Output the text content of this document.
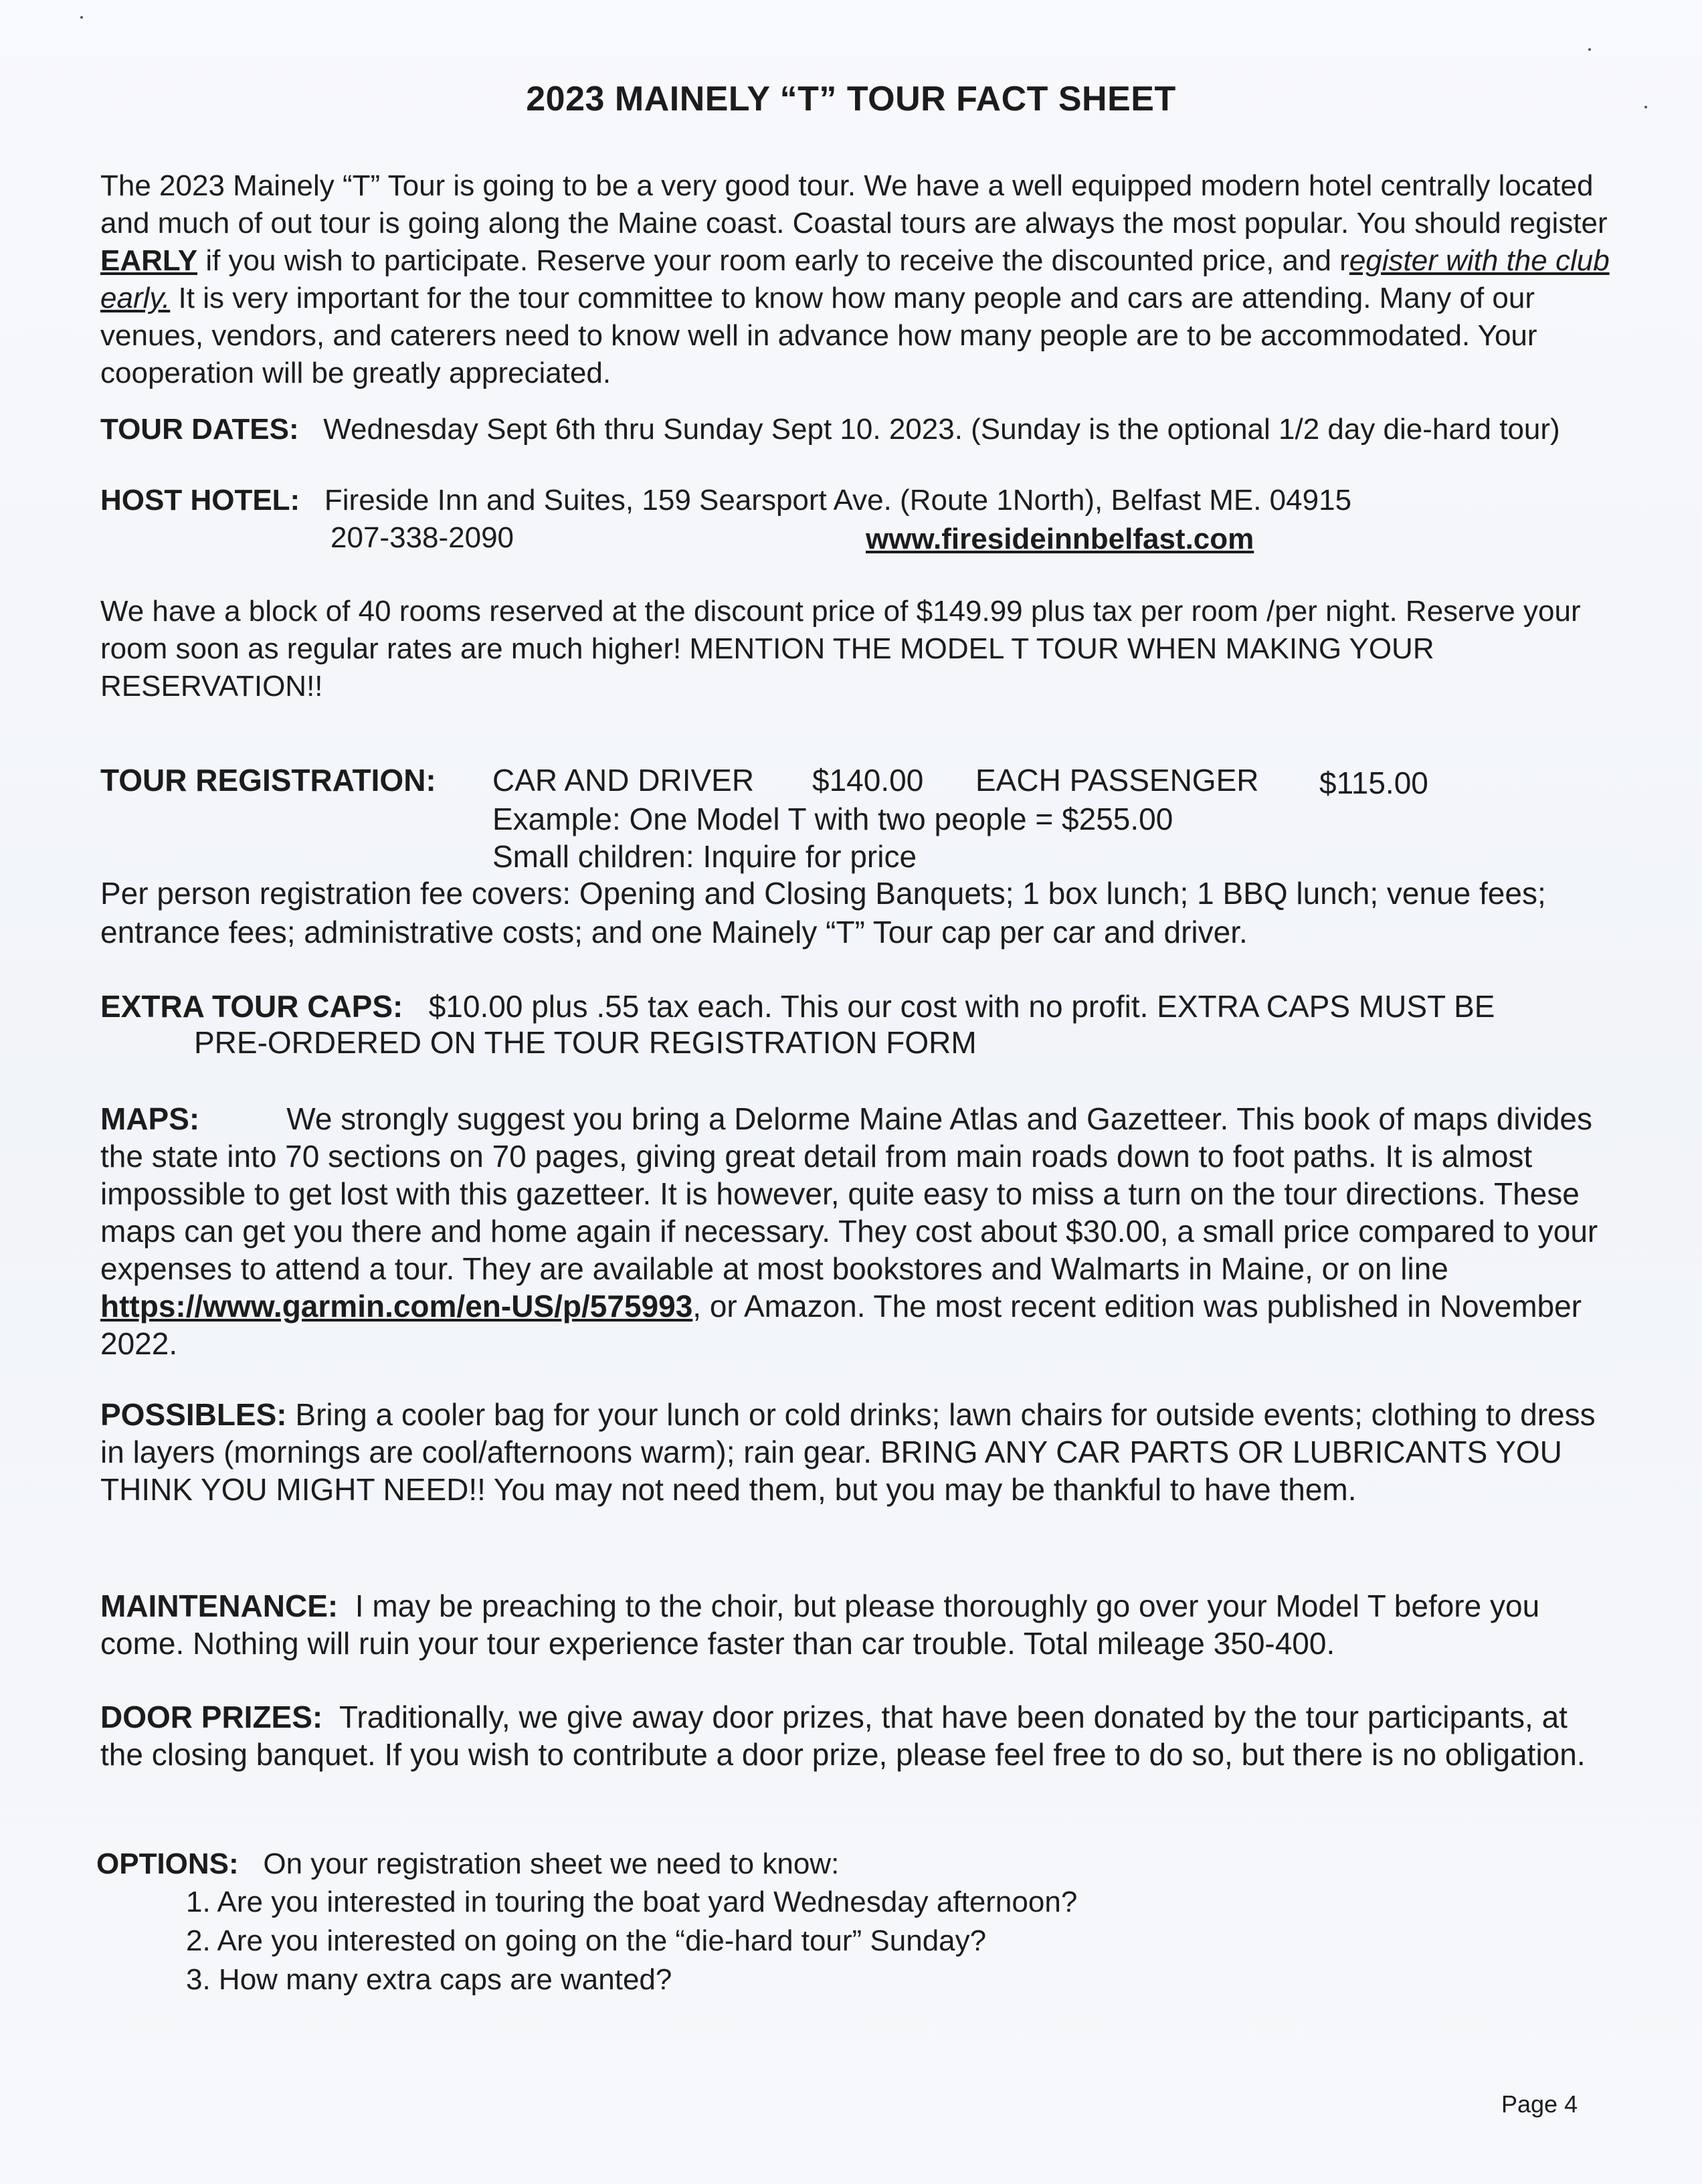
2023 MAINELY “T” TOUR FACT SHEET
The 2023 Mainely “T” Tour is going to be a very good tour. We have a well equipped modern hotel centrally located and much of out tour is going along the Maine coast. Coastal tours are always the most popular. You should register EARLY if you wish to participate. Reserve your room early to receive the discounted price, and register with the club early. It is very important for the tour committee to know how many people and cars are attending. Many of our venues, vendors, and caterers need to know well in advance how many people are to be accommodated. Your cooperation will be greatly appreciated.
TOUR DATES: Wednesday Sept 6th thru Sunday Sept 10. 2023. (Sunday is the optional 1/2 day die-hard tour)
HOST HOTEL: Fireside Inn and Suites, 159 Searsport Ave. (Route 1North), Belfast ME. 04915
207-338-2090	www.firesideinnbelfast.com
We have a block of 40 rooms reserved at the discount price of $149.99 plus tax per room /per night. Reserve your room soon as regular rates are much higher! MENTION THE MODEL T TOUR WHEN MAKING YOUR RESERVATION!!
TOUR REGISTRATION: CAR AND DRIVER $140.00 EACH PASSENGER $115.00
Example: One Model T with two people = $255.00
Small children: Inquire for price
Per person registration fee covers: Opening and Closing Banquets; 1 box lunch; 1 BBQ lunch; venue fees; entrance fees; administrative costs; and one Mainely “T” Tour cap per car and driver.
EXTRA TOUR CAPS: $10.00 plus .55 tax each. This our cost with no profit. EXTRA CAPS MUST BE
PRE-ORDERED ON THE TOUR REGISTRATION FORM
MAPS:	We strongly suggest you bring a Delorme Maine Atlas and Gazetteer. This book of maps divides the state into 70 sections on 70 pages, giving great detail from main roads down to foot paths. It is almost impossible to get lost with this gazetteer. It is however, quite easy to miss a turn on the tour directions. These maps can get you there and home again if necessary. They cost about $30.00, a small price compared to your expenses to attend a tour. They are available at most bookstores and Walmarts in Maine, or on line https://www.garmin.com/en-US/p/575993, or Amazon. The most recent edition was published in November 2022.
POSSIBLES: Bring a cooler bag for your lunch or cold drinks; lawn chairs for outside events; clothing to dress in layers (mornings are cool/afternoons warm); rain gear. BRING ANY CAR PARTS OR LUBRICANTS YOU THINK YOU MIGHT NEED!! You may not need them, but you may be thankful to have them.
MAINTENANCE: I may be preaching to the choir, but please thoroughly go over your Model T before you come. Nothing will ruin your tour experience faster than car trouble. Total mileage 350-400.
DOOR PRIZES: Traditionally, we give away door prizes, that have been donated by the tour participants, at the closing banquet. If you wish to contribute a door prize, please feel free to do so, but there is no obligation.
OPTIONS: On your registration sheet we need to know:
1. Are you interested in touring the boat yard Wednesday afternoon?
2. Are you interested on going on the “die-hard tour” Sunday?
3. How many extra caps are wanted?
Page 4
